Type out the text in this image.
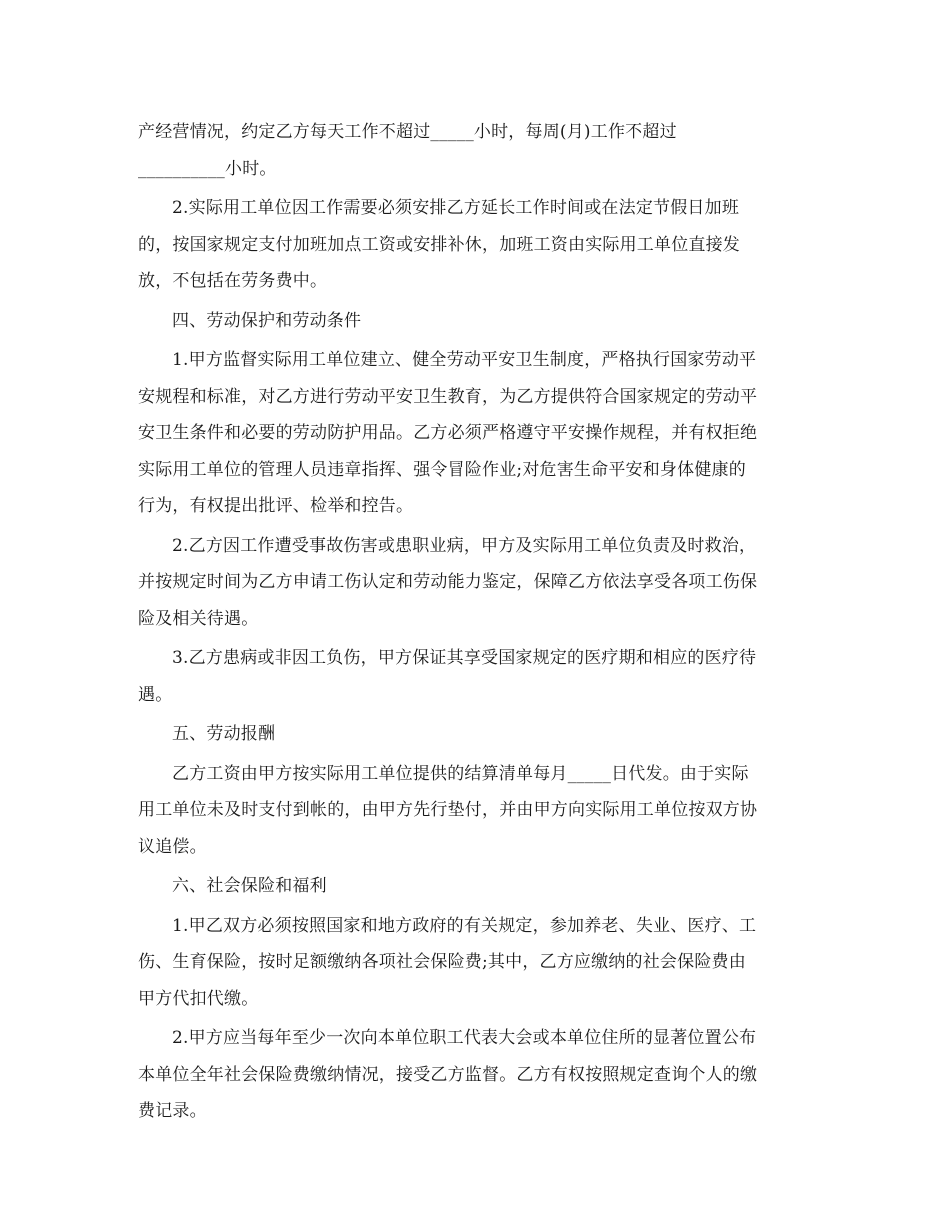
产经营情况，约定乙方每天工作不超过_____小时，每周(月)工作不超过
__________小时。

2.实际用工单位因工作需要必须安排乙方延长工作时间或在法定节假日加班
的，按国家规定支付加班加点工资或安排补休，加班工资由实际用工单位直接发
放，不包括在劳务费中。

四、劳动保护和劳动条件

1.甲方监督实际用工单位建立、健全劳动平安卫生制度，严格执行国家劳动平
安规程和标准，对乙方进行劳动平安卫生教育，为乙方提供符合国家规定的劳动平
安卫生条件和必要的劳动防护用品。乙方必须严格遵守平安操作规程，并有权拒绝
实际用工单位的管理人员违章指挥、强令冒险作业;对危害生命平安和身体健康的
行为，有权提出批评、检举和控告。

2.乙方因工作遭受事故伤害或患职业病，甲方及实际用工单位负责及时救治，
并按规定时间为乙方申请工伤认定和劳动能力鉴定，保障乙方依法享受各项工伤保
险及相关待遇。

3.乙方患病或非因工负伤，甲方保证其享受国家规定的医疗期和相应的医疗待
遇。

五、劳动报酬

乙方工资由甲方按实际用工单位提供的结算清单每月_____日代发。由于实际
用工单位未及时支付到帐的，由甲方先行垫付，并由甲方向实际用工单位按双方协
议追偿。

六、社会保险和福利

1.甲乙双方必须按照国家和地方政府的有关规定，参加养老、失业、医疗、工
伤、生育保险，按时足额缴纳各项社会保险费;其中，乙方应缴纳的社会保险费由
甲方代扣代缴。

2.甲方应当每年至少一次向本单位职工代表大会或本单位住所的显著位置公布
本单位全年社会保险费缴纳情况，接受乙方监督。乙方有权按照规定查询个人的缴
费记录。
